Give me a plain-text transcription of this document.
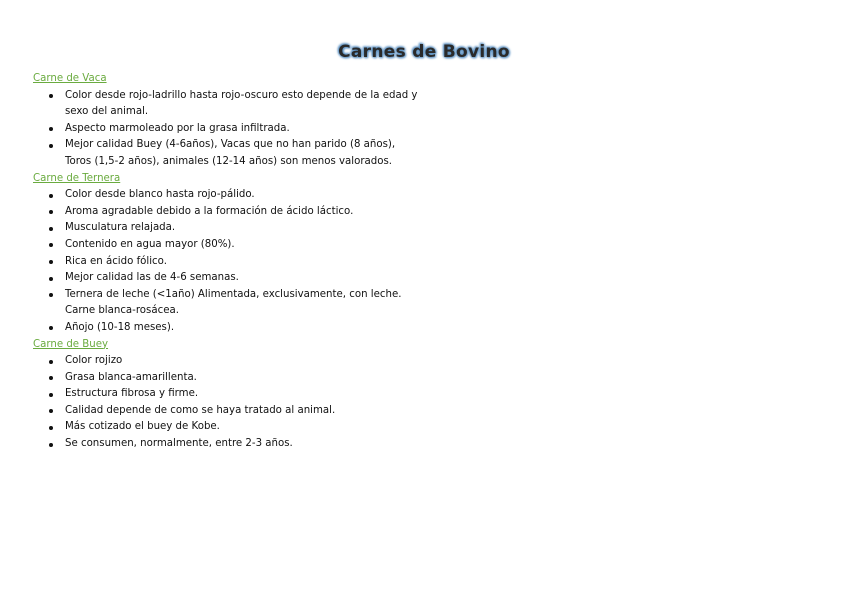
Carnes de Bovino

Carne de Vaca

Color desde rojo-ladrillo hasta rojo-oscuro esto depende de la edad y sexo del animal.
Aspecto marmoleado por la grasa infiltrada.
Mejor calidad Buey (4-6años), Vacas que no han parido (8 años), Toros (1,5-2 años), animales (12-14 años) son menos valorados.

Carne de Ternera

Color desde blanco hasta rojo-pálido.
Aroma agradable debido a la formación de ácido láctico.
Musculatura relajada.
Contenido en agua mayor (80%).
Rica en ácido fólico.
Mejor calidad las de 4-6 semanas.
Ternera de leche (<1año) Alimentada, exclusivamente, con leche. Carne blanca-rosácea.
Añojo (10-18 meses).

Carne de Buey

Color rojizo
Grasa blanca-amarillenta.
Estructura fibrosa y firme.
Calidad depende de como se haya tratado al animal.
Más cotizado el buey de Kobe.
Se consumen, normalmente, entre 2-3 años.
